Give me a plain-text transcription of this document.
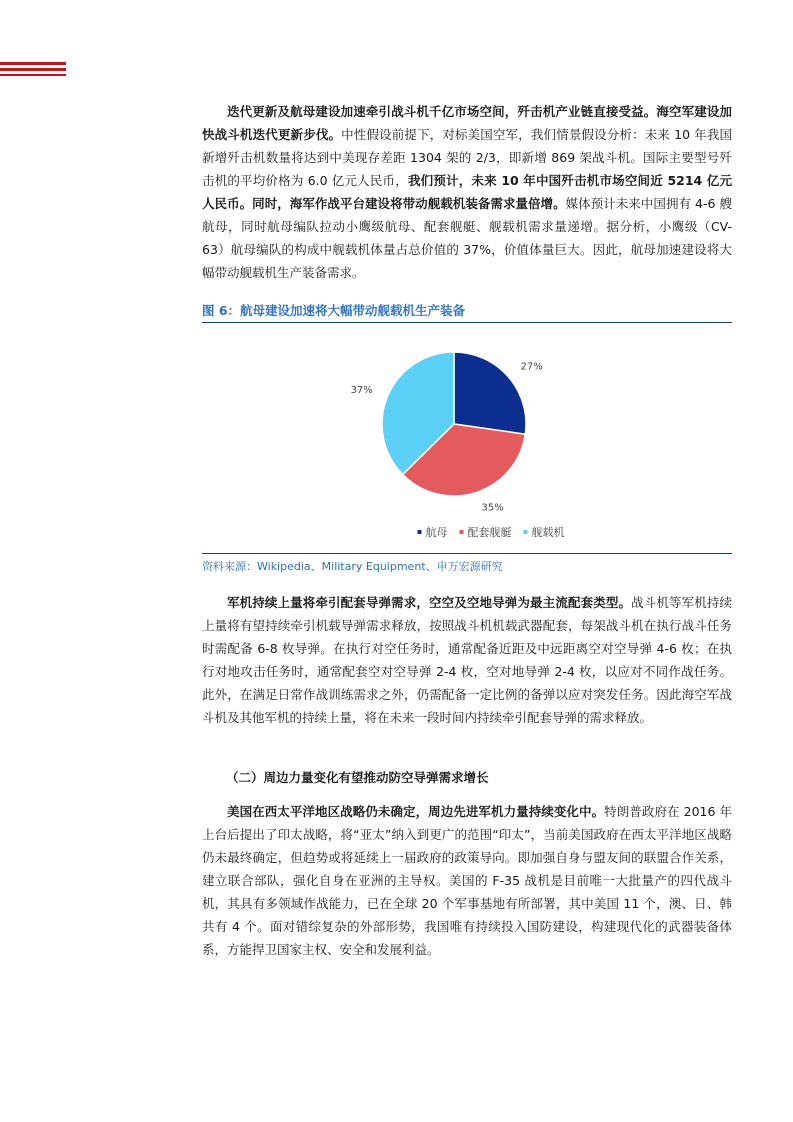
迭代更新及航母建设加速牵引战斗机千亿市场空间，歼击机产业链直接受益。海空军建设加快战斗机迭代更新步伐。中性假设前提下，对标美国空军，我们情景假设分析：未来 10 年我国新增歼击机数量将达到中美现存差距 1304 架的 2/3，即新增 869 架战斗机。国际主要型号歼击机的平均价格为 6.0 亿元人民币，我们预计，未来 10 年中国歼击机市场空间近 5214 亿元人民币。同时，海军作战平台建设将带动舰载机装备需求量倍增。媒体预计未来中国拥有 4-6 艘航母，同时航母编队拉动小鹰级航母、配套舰艇、舰载机需求量递增。据分析，小鹰级（CV-63）航母编队的构成中舰载机体量占总价值的 37%，价值体量巨大。因此，航母加速建设将大幅带动舰载机生产装备需求。

图 6：航母建设加速将大幅带动舰载机生产装备
27%
35%
37%
航母 配套舰艇 舰载机
资料来源：Wikipedia、Military Equipment、申万宏源研究

军机持续上量将牵引配套导弹需求，空空及空地导弹为最主流配套类型。战斗机等军机持续上量将有望持续牵引机载导弹需求释放，按照战斗机机载武器配套，每架战斗机在执行战斗任务时需配备 6-8 枚导弹。在执行对空任务时，通常配备近距及中远距离空对空导弹 4-6 枚；在执行对地攻击任务时，通常配套空对空导弹 2-4 枚，空对地导弹 2-4 枚，以应对不同作战任务。此外，在满足日常作战训练需求之外，仍需配备一定比例的备弹以应对突发任务。因此海空军战斗机及其他军机的持续上量，将在未来一段时间内持续牵引配套导弹的需求释放。

（二）周边力量变化有望推动防空导弹需求增长

美国在西太平洋地区战略仍未确定，周边先进军机力量持续变化中。特朗普政府在 2016 年上台后提出了印太战略，将“亚太”纳入到更广的范围“印太”，当前美国政府在西太平洋地区战略仍未最终确定，但趋势或将延续上一届政府的政策导向。即加强自身与盟友间的联盟合作关系，建立联合部队，强化自身在亚洲的主导权。美国的 F-35 战机是目前唯一大批量产的四代战斗机，其具有多领域作战能力，已在全球 20 个军事基地有所部署，其中美国 11 个，澳、日、韩共有 4 个。面对错综复杂的外部形势，我国唯有持续投入国防建设，构建现代化的武器装备体系，方能捍卫国家主权、安全和发展利益。
